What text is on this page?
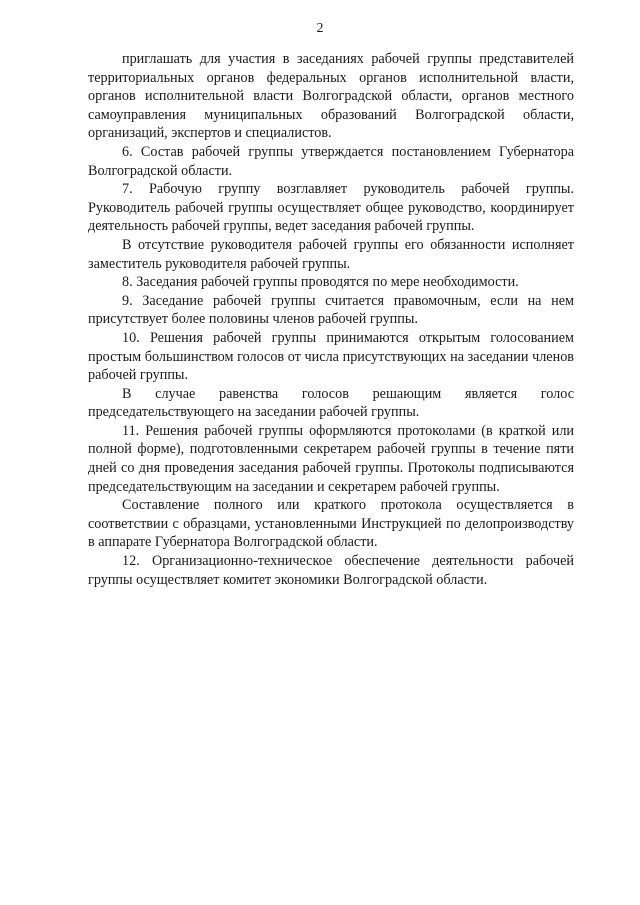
2

приглашать для участия в заседаниях рабочей группы представителей территориальных органов федеральных органов исполнительной власти, органов исполнительной власти Волгоградской области, органов местного самоуправления муниципальных образований Волгоградской области, организаций, экспертов и специалистов.

6. Состав рабочей группы утверждается постановлением Губернатора Волгоградской области.

7. Рабочую группу возглавляет руководитель рабочей группы. Руководитель рабочей группы осуществляет общее руководство, координирует деятельность рабочей группы, ведет заседания рабочей группы.

В отсутствие руководителя рабочей группы его обязанности исполняет заместитель руководителя рабочей группы.

8. Заседания рабочей группы проводятся по мере необходимости.

9. Заседание рабочей группы считается правомочным, если на нем присутствует более половины членов рабочей группы.

10. Решения рабочей группы принимаются открытым голосованием простым большинством голосов от числа присутствующих на заседании членов рабочей группы.

В случае равенства голосов решающим является голос председательствующего на заседании рабочей группы.

11. Решения рабочей группы оформляются протоколами (в краткой или полной форме), подготовленными секретарем рабочей группы в течение пяти дней со дня проведения заседания рабочей группы. Протоколы подписываются председательствующим на заседании и секретарем рабочей группы.

Составление полного или краткого протокола осуществляется в соответствии с образцами, установленными Инструкцией по делопроизводству в аппарате Губернатора Волгоградской области.

12. Организационно-техническое обеспечение деятельности рабочей группы осуществляет комитет экономики Волгоградской области.
